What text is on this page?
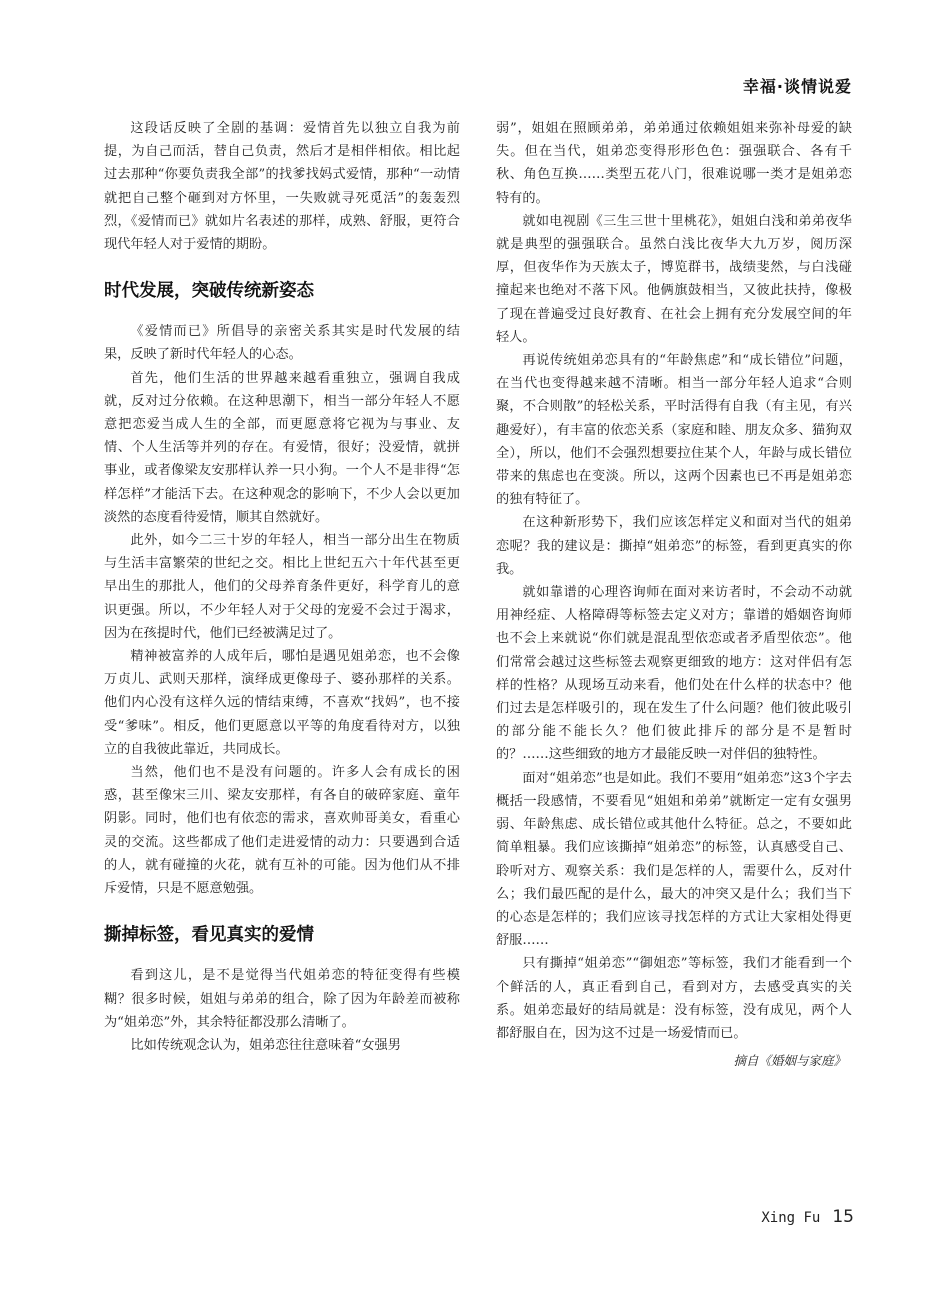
幸福·谈情说爱

这段话反映了全剧的基调：爱情首先以独立自我为前提，为自己而活，替自己负责，然后才是相伴相依。相比起过去那种“你要负责我全部”的找爹找妈式爱情，那种“一动情就把自己整个砸到对方怀里，一失败就寻死觅活”的轰轰烈烈，《爱情而已》就如片名表述的那样，成熟、舒服，更符合现代年轻人对于爱情的期盼。

时代发展，突破传统新姿态

《爱情而已》所倡导的亲密关系其实是时代发展的结果，反映了新时代年轻人的心态。

首先，他们生活的世界越来越看重独立，强调自我成就，反对过分依赖。在这种思潮下，相当一部分年轻人不愿意把恋爱当成人生的全部，而更愿意将它视为与事业、友情、个人生活等并列的存在。有爱情，很好；没爱情，就拼事业，或者像梁友安那样认养一只小狗。一个人不是非得“怎样怎样”才能活下去。在这种观念的影响下，不少人会以更加淡然的态度看待爱情，顺其自然就好。

此外，如今二三十岁的年轻人，相当一部分出生在物质与生活丰富繁荣的世纪之交。相比上世纪五六十年代甚至更早出生的那批人，他们的父母养育条件更好，科学育儿的意识更强。所以，不少年轻人对于父母的宠爱不会过于渴求，因为在孩提时代，他们已经被满足过了。

精神被富养的人成年后，哪怕是遇见姐弟恋，也不会像万贞儿、武则天那样，演绎成更像母子、婆孙那样的关系。他们内心没有这样久远的情结束缚，不喜欢“找妈”，也不接受“爹味”。相反，他们更愿意以平等的角度看待对方，以独立的自我彼此靠近，共同成长。

当然，他们也不是没有问题的。许多人会有成长的困惑，甚至像宋三川、梁友安那样，有各自的破碎家庭、童年阴影。同时，他们也有依恋的需求，喜欢帅哥美女，看重心灵的交流。这些都成了他们走进爱情的动力：只要遇到合适的人，就有碰撞的火花，就有互补的可能。因为他们从不排斥爱情，只是不愿意勉强。

撕掉标签，看见真实的爱情

看到这儿，是不是觉得当代姐弟恋的特征变得有些模糊？很多时候，姐姐与弟弟的组合，除了因为年龄差而被称为“姐弟恋”外，其余特征都没那么清晰了。

比如传统观念认为，姐弟恋往往意味着“女强男

弱”，姐姐在照顾弟弟，弟弟通过依赖姐姐来弥补母爱的缺失。但在当代，姐弟恋变得形形色色：强强联合、各有千秋、角色互换……类型五花八门，很难说哪一类才是姐弟恋特有的。

就如电视剧《三生三世十里桃花》，姐姐白浅和弟弟夜华就是典型的强强联合。虽然白浅比夜华大九万岁，阅历深厚，但夜华作为天族太子，博览群书，战绩斐然，与白浅碰撞起来也绝对不落下风。他俩旗鼓相当，又彼此扶持，像极了现在普遍受过良好教育、在社会上拥有充分发展空间的年轻人。

再说传统姐弟恋具有的“年龄焦虑”和“成长错位”问题，在当代也变得越来越不清晰。相当一部分年轻人追求“合则聚，不合则散”的轻松关系，平时活得有自我（有主见，有兴趣爱好），有丰富的依恋关系（家庭和睦、朋友众多、猫狗双全），所以，他们不会强烈想要拉住某个人，年龄与成长错位带来的焦虑也在变淡。所以，这两个因素也已不再是姐弟恋的独有特征了。

在这种新形势下，我们应该怎样定义和面对当代的姐弟恋呢？我的建议是：撕掉“姐弟恋”的标签，看到更真实的你我。

就如靠谱的心理咨询师在面对来访者时，不会动不动就用神经症、人格障碍等标签去定义对方；靠谱的婚姻咨询师也不会上来就说“你们就是混乱型依恋或者矛盾型依恋”。他们常常会越过这些标签去观察更细致的地方：这对伴侣有怎样的性格？从现场互动来看，他们处在什么样的状态中？他们过去是怎样吸引的，现在发生了什么问题？他们彼此吸引的部分能不能长久？他们彼此排斥的部分是不是暂时的？……这些细致的地方才最能反映一对伴侣的独特性。

面对“姐弟恋”也是如此。我们不要用“姐弟恋”这3个字去概括一段感情，不要看见“姐姐和弟弟”就断定一定有女强男弱、年龄焦虑、成长错位或其他什么特征。总之，不要如此简单粗暴。我们应该撕掉“姐弟恋”的标签，认真感受自己、聆听对方、观察关系：我们是怎样的人，需要什么，反对什么；我们最匹配的是什么，最大的冲突又是什么；我们当下的心态是怎样的；我们应该寻找怎样的方式让大家相处得更舒服……

只有撕掉“姐弟恋”“御姐恋”等标签，我们才能看到一个个鲜活的人，真正看到自己，看到对方，去感受真实的关系。姐弟恋最好的结局就是：没有标签，没有成见，两个人都舒服自在，因为这不过是一场爱情而已。

摘自《婚姻与家庭》

Xing Fu 15
